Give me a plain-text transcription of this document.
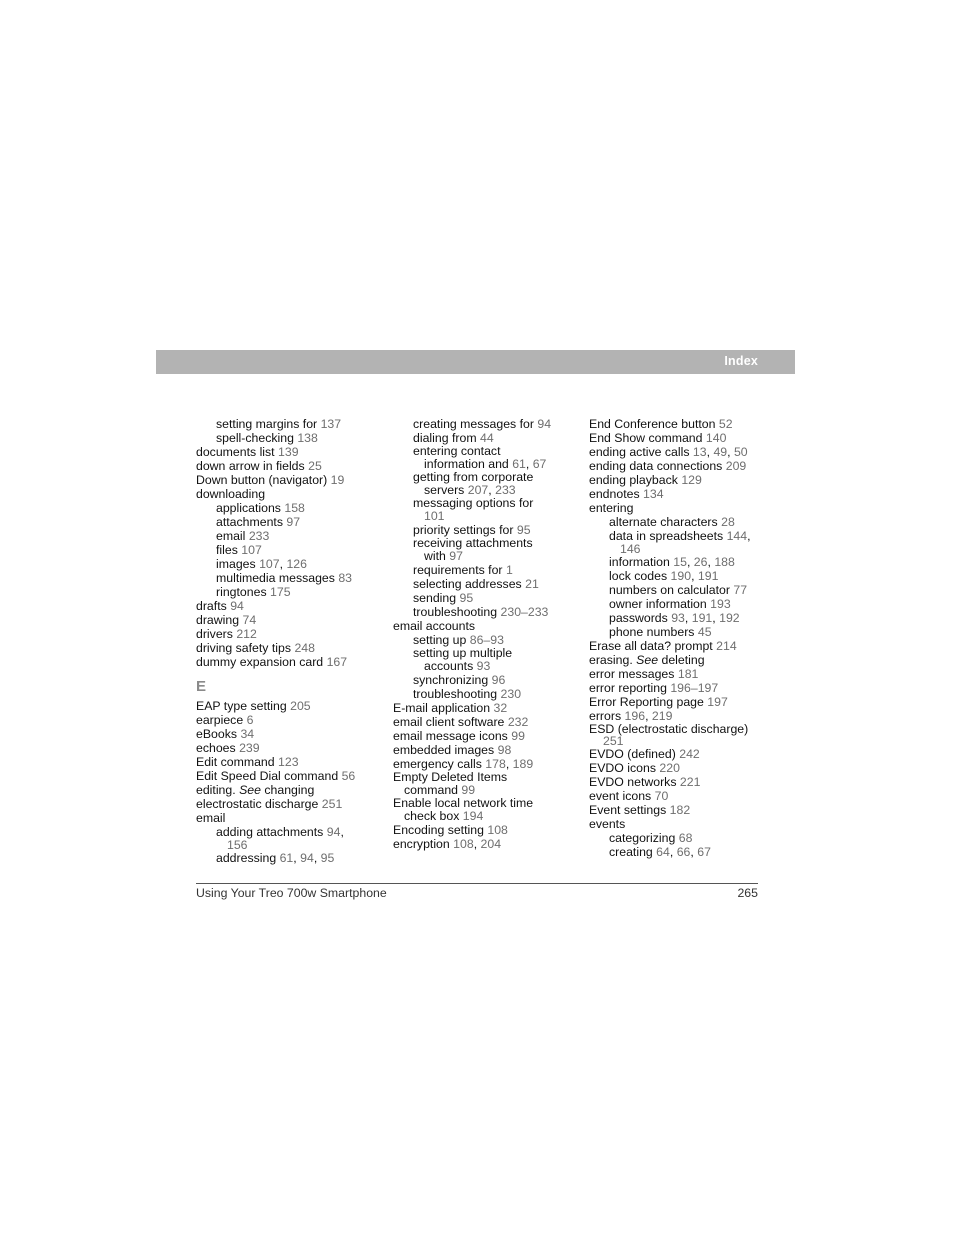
Index
setting margins for 137
spell-checking 138
documents list 139
down arrow in fields 25
Down button (navigator) 19
downloading
applications 158
attachments 97
email 233
files 107
images 107, 126
multimedia messages 83
ringtones 175
drafts 94
drawing 74
drivers 212
driving safety tips 248
dummy expansion card 167
E
EAP type setting 205
earpiece 6
eBooks 34
echoes 239
Edit command 123
Edit Speed Dial command 56
editing. See changing
electrostatic discharge 251
email
adding attachments 94,
156
addressing 61, 94, 95
creating messages for 94
dialing from 44
entering contact
information and 61, 67
getting from corporate
servers 207, 233
messaging options for
101
priority settings for 95
receiving attachments
with 97
requirements for 1
selecting addresses 21
sending 95
troubleshooting 230–233
email accounts
setting up 86–93
setting up multiple
accounts 93
synchronizing 96
troubleshooting 230
E-mail application 32
email client software 232
email message icons 99
embedded images 98
emergency calls 178, 189
Empty Deleted Items
command 99
Enable local network time
check box 194
Encoding setting 108
encryption 108, 204
End Conference button 52
End Show command 140
ending active calls 13, 49, 50
ending data connections 209
ending playback 129
endnotes 134
entering
alternate characters 28
data in spreadsheets 144,
146
information 15, 26, 188
lock codes 190, 191
numbers on calculator 77
owner information 193
passwords 93, 191, 192
phone numbers 45
Erase all data? prompt 214
erasing. See deleting
error messages 181
error reporting 196–197
Error Reporting page 197
errors 196, 219
ESD (electrostatic discharge)
251
EVDO (defined) 242
EVDO icons 220
EVDO networks 221
event icons 70
Event settings 182
events
categorizing 68
creating 64, 66, 67
Using Your Treo 700w Smartphone	265
